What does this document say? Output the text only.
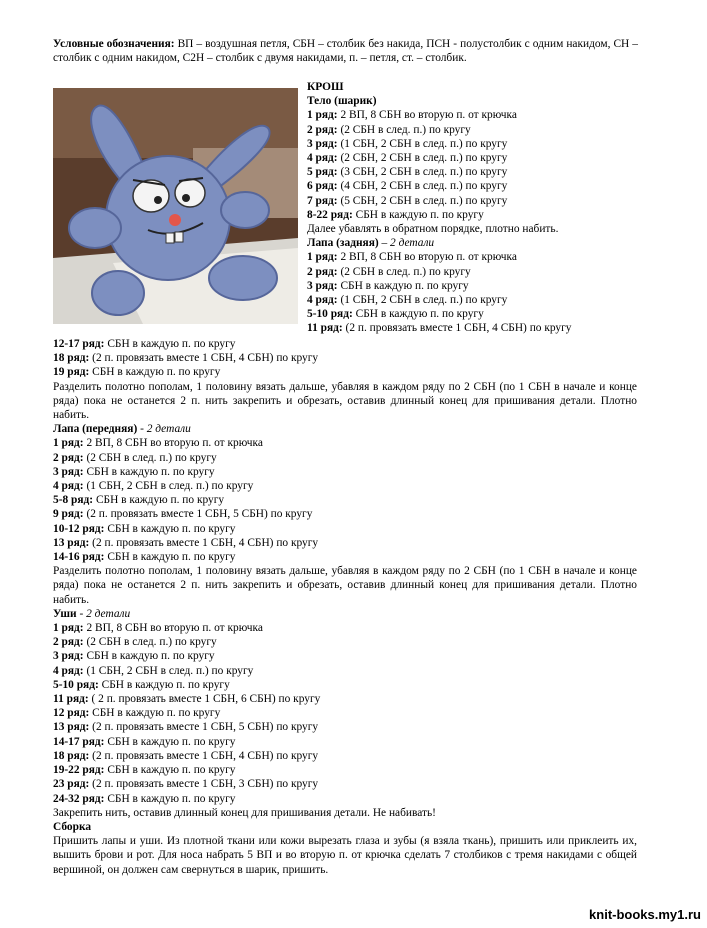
Условные обозначения: ВП – воздушная петля, СБН – столбик без накида, ПСН - полустолбик с одним накидом, СН – столбик с одним накидом, С2Н – столбик с двумя накидами, п. – петля, ст. – столбик.
КРОШ
Тело (шарик)
1 ряд: 2 ВП, 8 СБН во вторую п. от крючка
2 ряд: (2 СБН в след. п.) по кругу
3 ряд: (1 СБН, 2 СБН в след. п.) по кругу
4 ряд: (2 СБН, 2 СБН в след. п.) по кругу
5 ряд: (3 СБН, 2 СБН в след. п.) по кругу
6 ряд: (4 СБН, 2 СБН в след. п.) по кругу
7 ряд: (5 СБН, 2 СБН в след. п.) по кругу
8-22 ряд: СБН в каждую п. по кругу
Далее убавлять в обратном порядке, плотно набить.
Лапа (задняя) – 2 детали
1 ряд: 2 ВП, 8 СБН во вторую п. от крючка
2 ряд: (2 СБН в след. п.) по кругу
3 ряд: СБН в каждую п. по кругу
4 ряд: (1 СБН, 2 СБН в след. п.) по кругу
5-10 ряд: СБН в каждую п. по кругу
11 ряд: (2 п. провязать вместе 1 СБН, 4 СБН) по кругу
12-17 ряд: СБН в каждую п. по кругу
18 ряд: (2 п. провязать вместе 1 СБН, 4 СБН) по кругу
19 ряд: СБН в каждую п. по кругу
Разделить полотно пополам, 1 половину вязать дальше, убавляя в каждом ряду по 2 СБН (по 1 СБН в начале и конце ряда) пока не останется 2 п. нить закрепить и обрезать, оставив длинный конец для пришивания детали. Плотно набить.
Лапа (передняя) - 2 детали
1 ряд: 2 ВП, 8 СБН во вторую п. от крючка
2 ряд: (2 СБН в след. п.) по кругу
3 ряд: СБН в каждую п. по кругу
4 ряд: (1 СБН, 2 СБН в след. п.) по кругу
5-8 ряд: СБН в каждую п. по кругу
9 ряд: (2 п. провязать вместе 1 СБН, 5 СБН) по кругу
10-12 ряд: СБН в каждую п. по кругу
13 ряд: (2 п. провязать вместе 1 СБН, 4 СБН) по кругу
14-16 ряд: СБН в каждую п. по кругу
Разделить полотно пополам, 1 половину вязать дальше, убавляя в каждом ряду по 2 СБН (по 1 СБН в начале и конце ряда) пока не останется 2 п. нить закрепить и обрезать, оставив длинный конец для пришивания детали. Плотно набить.
Уши - 2 детали
1 ряд: 2 ВП, 8 СБН во вторую п. от крючка
2 ряд: (2 СБН в след. п.) по кругу
3 ряд: СБН в каждую п. по кругу
4 ряд: (1 СБН, 2 СБН в след. п.) по кругу
5-10 ряд: СБН в каждую п. по кругу
11 ряд: ( 2 п. провязать вместе 1 СБН, 6 СБН) по кругу
12 ряд: СБН в каждую п. по кругу
13 ряд: (2 п. провязать вместе 1 СБН, 5 СБН) по кругу
14-17 ряд: СБН в каждую п. по кругу
18 ряд: (2 п. провязать вместе 1 СБН, 4 СБН) по кругу
19-22 ряд: СБН в каждую п. по кругу
23 ряд: (2 п. провязать вместе 1 СБН, 3 СБН) по кругу
24-32 ряд: СБН в каждую п. по кругу
Закрепить нить, оставив длинный конец для пришивания детали. Не набивать!
Сборка
Пришить лапы и уши. Из плотной ткани или кожи вырезать глаза и зубы (я взяла ткань), пришить или приклеить их, вышить брови и рот. Для носа набрать 5 ВП и во вторую п. от крючка сделать 7 столбиков с тремя накидами с общей вершиной, он должен сам свернуться в шарик, пришить.
knit-books.my1.ru
